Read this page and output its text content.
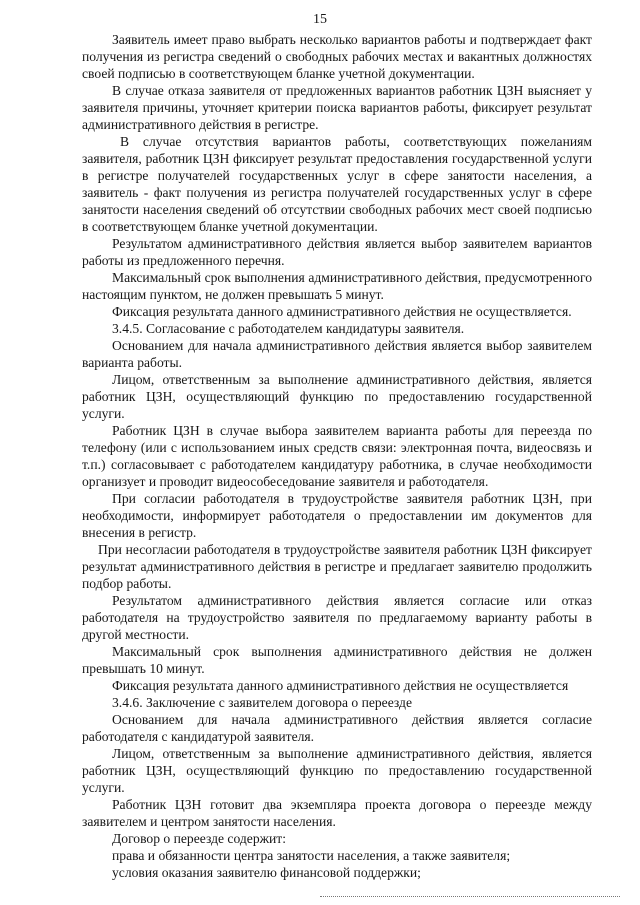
15

Заявитель имеет право выбрать несколько вариантов работы и подтверждает факт получения из регистра сведений о свободных рабочих местах и вакантных должностях своей подписью в соответствующем бланке учетной документации.

В случае отказа заявителя от предложенных вариантов работник ЦЗН выясняет у заявителя причины, уточняет критерии поиска вариантов работы, фиксирует результат административного действия в регистре.

В случае отсутствия вариантов работы, соответствующих пожеланиям заявителя, работник ЦЗН фиксирует результат предоставления государственной услуги в регистре получателей государственных услуг в сфере занятости населения, а заявитель - факт получения из регистра получателей государственных услуг в сфере занятости населения сведений об отсутствии свободных рабочих мест своей подписью в соответствующем бланке учетной документации.

Результатом административного действия является выбор заявителем вариантов работы из предложенного перечня.

Максимальный срок выполнения административного действия, предусмотренного настоящим пунктом, не должен превышать 5 минут.

Фиксация результата данного административного действия не осуществляется.

3.4.5. Согласование с работодателем кандидатуры заявителя.

Основанием для начала административного действия является выбор заявителем варианта работы.

Лицом, ответственным за выполнение административного действия, является работник ЦЗН, осуществляющий функцию по предоставлению государственной услуги.

Работник ЦЗН в случае выбора заявителем варианта работы для переезда по телефону (или с использованием иных средств связи: электронная почта, видеосвязь и т.п.) согласовывает с работодателем кандидатуру работника, в случае необходимости организует и проводит видеособеседование заявителя и работодателя.

При согласии работодателя в трудоустройстве заявителя работник ЦЗН, при необходимости, информирует работодателя о предоставлении им документов для внесения в регистр.

При несогласии работодателя в трудоустройстве заявителя работник ЦЗН фиксирует результат административного действия в регистре и предлагает заявителю продолжить подбор работы.

Результатом административного действия является согласие или отказ работодателя на трудоустройство заявителя по предлагаемому варианту работы в другой местности.

Максимальный срок выполнения административного действия не должен превышать 10 минут.

Фиксация результата данного административного действия не осуществляется

3.4.6. Заключение с заявителем договора о переезде

Основанием для начала административного действия является согласие работодателя с кандидатурой заявителя.

Лицом, ответственным за выполнение административного действия, является работник ЦЗН, осуществляющий функцию по предоставлению государственной услуги.

Работник ЦЗН готовит два экземпляра проекта договора о переезде между заявителем и центром занятости населения.

Договор о переезде содержит:

права и обязанности центра занятости населения, а также заявителя;

условия оказания заявителю финансовой поддержки;
